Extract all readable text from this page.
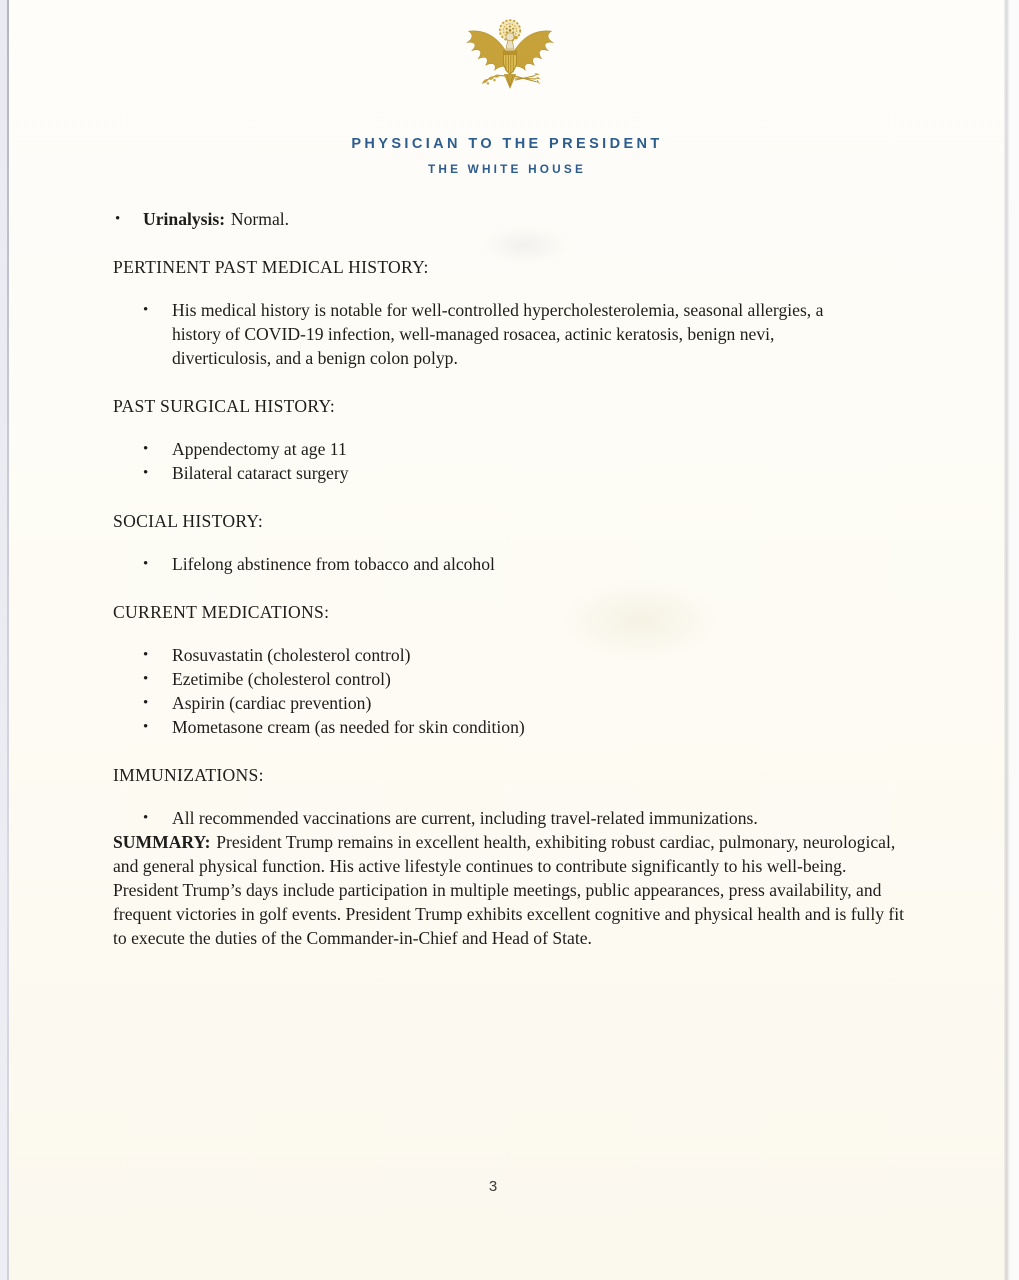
PHYSICIAN TO THE PRESIDENT
THE WHITE HOUSE
•

Urinalysis: Normal.

PERTINENT PAST MEDICAL HISTORY:
•

His medical history is notable for well-controlled hypercholesterolemia, seasonal allergies, a history of COVID-19 infection, well-managed rosacea, actinic keratosis, benign nevi, diverticulosis, and a benign colon polyp.

PAST SURGICAL HISTORY:
•

Appendectomy at age 11

•

Bilateral cataract surgery

SOCIAL HISTORY:
•

Lifelong abstinence from tobacco and alcohol

CURRENT MEDICATIONS:
•

Rosuvastatin (cholesterol control)

•

Ezetimibe (cholesterol control)

•

Aspirin (cardiac prevention)

•

Mometasone cream (as needed for skin condition)

IMMUNIZATIONS:
•

All recommended vaccinations are current, including travel-related immunizations.

SUMMARY: President Trump remains in excellent health, exhibiting robust cardiac, pulmonary, neurological, and general physical function. His active lifestyle continues to contribute significantly to his well-being. President Trump’s days include participation in multiple meetings, public appearances, press availability, and frequent victories in golf events. President Trump exhibits excellent cognitive and physical health and is fully fit to execute the duties of the Commander-in-Chief and Head of State.

3
